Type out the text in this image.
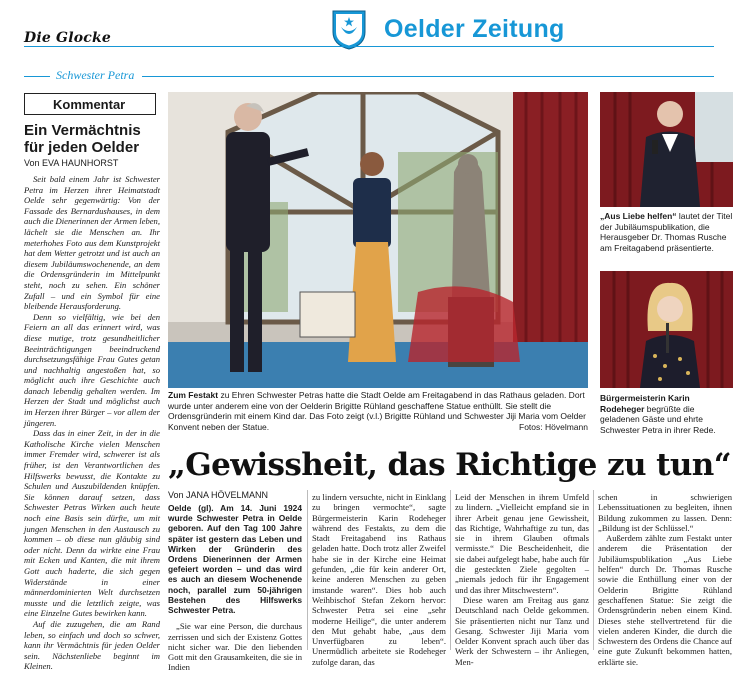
Die Glocke	Oelder Zeitung
Schwester Petra
Kommentar
Ein Vermächtnis
für jeden Oelder
Von EVA HAUNHORST

Seit bald einem Jahr ist Schwester Petra im Herzen ihrer Heimatstadt Oelde sehr gegenwärtig: Von der Fassade des Bernardushauses, in dem auch die Dienerinnen der Armen leben, lächelt sie die Menschen an. Ihr meterhohes Foto aus dem Kunstprojekt hat dem Wetter getrotzt und ist auch an diesem Jubiläumswochenende, an dem die Ordensgründerin im Mittelpunkt steht, noch zu sehen. Ein schöner Zufall – und ein Symbol für eine bleibende Herausforderung.

Denn so vielfältig, wie bei den Feiern an all das erinnert wird, was diese mutige, trotz gesundheitlicher Beeinträchtigungen beeindruckend durchsetzungsfähige Frau Gutes getan und nachhaltig angestoßen hat, so möglicht auch ihre Geschichte auch danach lebendig gehalten werden. Im Herzen der Stadt und möglichst auch im Herzen ihrer Bürger – vor allem der jüngeren.

Dass das in einer Zeit, in der in die Katholische Kirche vielen Menschen immer Fremder wird, schwerer ist als früher, ist den Verantwortlichen des Hilfswerks bewusst, die Kontakte zu Schulen und Auszubildenden knüpfen. Sie können darauf setzen, dass Schwester Petras Wirken auch heute noch eine Basis sein dürfte, um mit jungen Menschen in den Austausch zu kommen – ob diese nun gläubig sind oder nicht. Denn da wirkte eine Frau mit Ecken und Kanten, die mit ihrem Gott auch haderte, die sich gegen Widerstände in einer männerdominierten Welt durchsetzen musste und die letztlich zeigte, was eine Einzelne Gutes bewirken kann.

Auf die zuzugehen, die am Rand leben, so einfach und doch so schwer, kann ihr Vermächtnis für jeden Oelder sein. Nächstenliebe beginnt im Kleinen.

Zum Festakt zu Ehren Schwester Petras hatte die Stadt Oelde am Freitagabend in das Rathaus geladen. Dort wurde unter anderem eine von der Oelderin Brigitte Rühland geschaffene Statue enthüllt. Sie stellt die Ordensgründerin mit einem Kind dar. Das Foto zeigt (v.l.) Brigitte Rühland und Schwester Jiji Maria vom Oelder Konvent neben der Statue.	Fotos: Hövelmann
„Aus Liebe helfen“ lautet der Titel der Jubiläumspublikation, die Herausgeber Dr. Thomas Rusche am Freitagabend präsentierte.
Bürgermeisterin Karin Rodeheger begrüßte die geladenen Gäste und ehrte Schwester Petra in ihrer Rede.
„Gewissheit, das Richtige zu tun“
Von JANA HÖVELMANN

Oelde (gl). Am 14. Juni 1924 wurde Schwester Petra in Oelde geboren. Auf den Tag 100 Jahre später ist gestern das Leben und Wirken der Gründerin des Ordens Dienerinnen der Armen gefeiert worden – und das wird es auch an diesem Wochenende noch, parallel zum 50-jährigen Bestehen des Hilfswerks Schwester Petra.

„Sie war eine Person, die durchaus zerrissen und sich der Existenz Gottes nicht sicher war. Die den liebenden Gott mit den Grausamkeiten, die sie in Indien

zu lindern versuchte, nicht in Einklang zu bringen vermochte“, sagte Bürgermeisterin Karin Rodeheger während des Festakts, zu dem die Stadt Freitagabend ins Rathaus geladen hatte. Doch trotz aller Zweifel habe sie in der Kirche eine Heimat gefunden, „die für kein anderer Ort, keine anderen Menschen zu geben imstande waren“. Dies hob auch Weihbischof Stefan Zekorn hervor: Schwester Petra sei eine „sehr moderne Heilige“, die unter anderem den Mut gehabt habe, „aus dem Unverfügbaren zu leben“. Unermüdlich arbeitete sie Rodeheger zufolge daran, das

Leid der Menschen in ihrem Umfeld zu lindern. „Vielleicht empfand sie in ihrer Arbeit genau jene Gewissheit, das Richtige, Wahrhaftige zu tun, das sie in ihrem Glauben oftmals vermisste.“ Die Bescheidenheit, die sie dabei aufgelegt habe, habe auch für die gesteckten Ziele gegolten – „niemals jedoch für ihr Engagement und das ihrer Mitschwestern“.

Diese waren am Freitag aus ganz Deutschland nach Oelde gekommen. Sie präsentierten nicht nur Tanz und Gesang. Schwester Jiji Maria vom Oelder Konvent sprach auch über das Werk der Schwestern – ihr Anliegen, Men-

schen in schwierigen Lebenssituationen zu begleiten, ihnen Bildung zukommen zu lassen. Denn: „Bildung ist der Schlüssel.“

Außerdem zählte zum Festakt unter anderem die Präsentation der Jubiläumspublikation „Aus Liebe helfen“ durch Dr. Thomas Rusche sowie die Enthüllung einer von der Oelderin Brigitte Rühland geschaffenen Statue: Sie zeigt die Ordensgründerin neben einem Kind. Dieses stehe stellvertretend für die vielen anderen Kinder, die durch die Schwestern des Ordens die Chance auf eine gute Zukunft bekommen hatten, erklärte sie.
